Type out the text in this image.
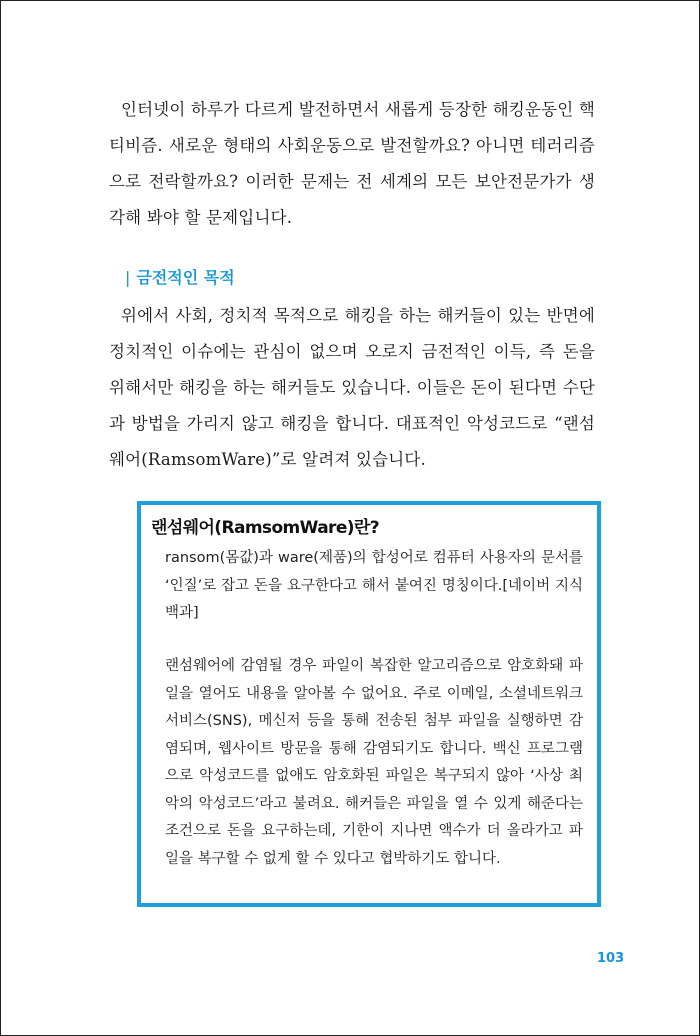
인터넷이 하루가 다르게 발전하면서 새롭게 등장한 해킹운동인 핵티비즘. 새로운 형태의 사회운동으로 발전할까요? 아니면 테러리즘으로 전락할까요? 이러한 문제는 전 세계의 모든 보안전문가가 생각해 봐야 할 문제입니다.

| 금전적인 목적

위에서 사회, 정치적 목적으로 해킹을 하는 해커들이 있는 반면에 정치적인 이슈에는 관심이 없으며 오로지 금전적인 이득, 즉 돈을 위해서만 해킹을 하는 해커들도 있습니다. 이들은 돈이 된다면 수단과 방법을 가리지 않고 해킹을 합니다. 대표적인 악성코드로 “랜섬웨어(RamsomWare)”로 알려져 있습니다.

랜섬웨어(RamsomWare)란?

ransom(몸값)과 ware(제품)의 합성어로 컴퓨터 사용자의 문서를 ‘인질’로 잡고 돈을 요구한다고 해서 붙여진 명칭이다.[네이버 지식백과]

랜섬웨어에 감염될 경우 파일이 복잡한 알고리즘으로 암호화돼 파일을 열어도 내용을 알아볼 수 없어요. 주로 이메일, 소셜네트워크서비스(SNS), 메신저 등을 통해 전송된 첨부 파일을 실행하면 감염되며, 웹사이트 방문을 통해 감염되기도 합니다. 백신 프로그램으로 악성코드를 없애도 암호화된 파일은 복구되지 않아 ‘사상 최악의 악성코드’라고 불려요. 해커들은 파일을 열 수 있게 해준다는 조건으로 돈을 요구하는데, 기한이 지나면 액수가 더 올라가고 파일을 복구할 수 없게 할 수 있다고 협박하기도 합니다.

103
